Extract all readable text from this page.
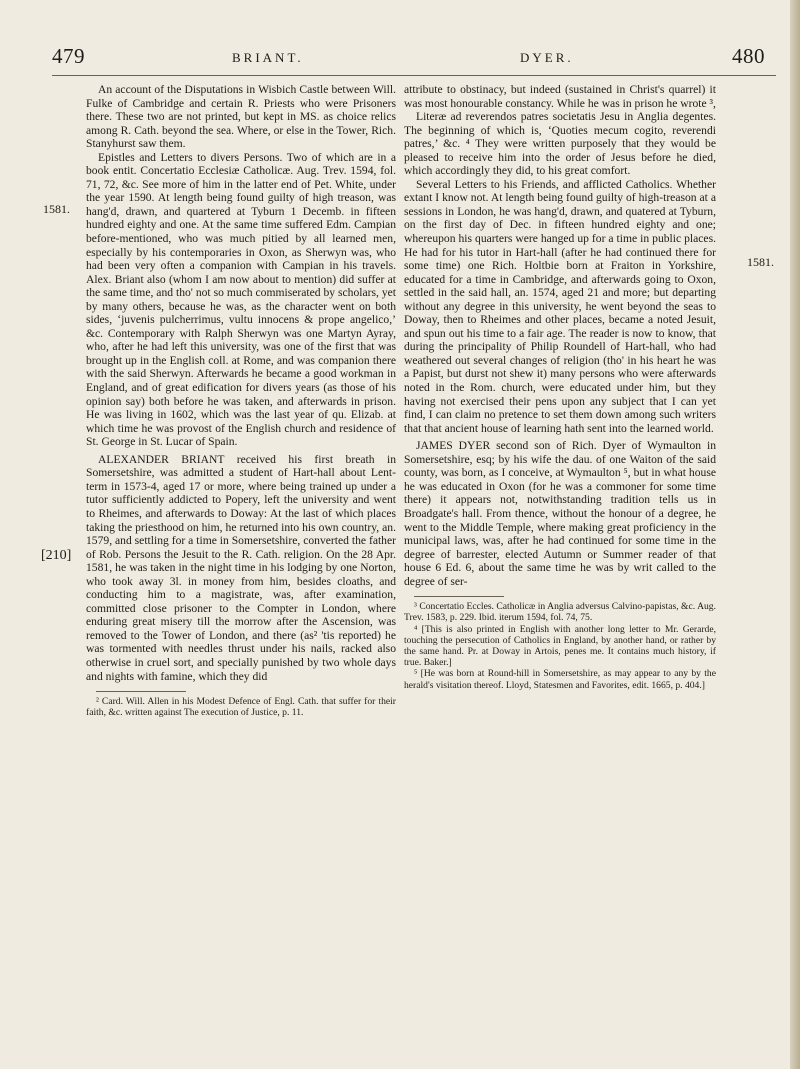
479	BRIANT.	DYER.	480
1581.
1581.
[210]

An account of the Disputations in Wisbich Castle between Will. Fulke of Cambridge and certain R. Priests who were Prisoners there. These two are not printed, but kept in MS. as choice relics among R. Cath. beyond the sea. Where, or else in the Tower, Rich. Stanyhurst saw them.

Epistles and Letters to divers Persons. Two of which are in a book entit. Concertatio Ecclesiæ Catholicæ. Aug. Trev. 1594, fol. 71, 72, &c. See more of him in the latter end of Pet. White, under the year 1590. At length being found guilty of high treason, was hang'd, drawn, and quartered at Tyburn 1 Decemb. in fifteen hundred eighty and one. At the same time suffered Edm. Campian before-mentioned, who was much pitied by all learned men, especially by his contemporaries in Oxon, as Sherwyn was, who had been very often a companion with Campian in his travels. Alex. Briant also (whom I am now about to mention) did suffer at the same time, and tho' not so much commiserated by scholars, yet by many others, because he was, as the character went on both sides, ‘juvenis pulcherrimus, vultu innocens & prope angelico,’ &c. Contemporary with Ralph Sherwyn was one Martyn Ayray, who, after he had left this university, was one of the first that was brought up in the English coll. at Rome, and was companion there with the said Sherwyn. Afterwards he became a good workman in England, and of great edification for divers years (as those of his opinion say) both before he was taken, and afterwards in prison. He was living in 1602, which was the last year of qu. Elizab. at which time he was provost of the English church and residence of St. George in St. Lucar of Spain.

ALEXANDER BRIANT received his first breath in Somersetshire, was admitted a student of Hart-hall about Lent-term in 1573-4, aged 17 or more, where being trained up under a tutor sufficiently addicted to Popery, left the university and went to Rheimes, and afterwards to Doway: At the last of which places taking the priesthood on him, he returned into his own country, an. 1579, and settling for a time in Somersetshire, converted the father of Rob. Persons the Jesuit to the R. Cath. religion. On the 28 Apr. 1581, he was taken in the night time in his lodging by one Norton, who took away 3l. in money from him, besides cloaths, and conducting him to a magistrate, was, after examination, committed close prisoner to the Compter in London, where enduring great misery till the morrow after the Ascension, was removed to the Tower of London, and there (as² 'tis reported) he was tormented with needles thrust under his nails, racked also otherwise in cruel sort, and specially punished by two whole days and nights with famine, which they did

² Card. Will. Allen in his Modest Defence of Engl. Cath. that suffer for their faith, &c. written against The execution of Justice, p. 11.

attribute to obstinacy, but indeed (sustained in Christ's quarrel) it was most honourable constancy. While he was in prison he wrote ³,

Literæ ad reverendos patres societatis Jesu in Anglia degentes. The beginning of which is, ‘Quoties mecum cogito, reverendi patres,’ &c. ⁴ They were written purposely that they would be pleased to receive him into the order of Jesus before he died, which accordingly they did, to his great comfort.

Several Letters to his Friends, and afflicted Catholics. Whether extant I know not. At length being found guilty of high-treason at a sessions in London, he was hang'd, drawn, and quatered at Tyburn, on the first day of Dec. in fifteen hundred eighty and one; whereupon his quarters were hanged up for a time in public places. He had for his tutor in Hart-hall (after he had continued there for some time) one Rich. Holtbie born at Fraiton in Yorkshire, educated for a time in Cambridge, and afterwards going to Oxon, settled in the said hall, an. 1574, aged 21 and more; but departing without any degree in this university, he went beyond the seas to Doway, then to Rheimes and other places, became a noted Jesuit, and spun out his time to a fair age. The reader is now to know, that during the principality of Philip Roundell of Hart-hall, who had weathered out several changes of religion (tho' in his heart he was a Papist, but durst not shew it) many persons who were afterwards noted in the Rom. church, were educated under him, but they having not exercised their pens upon any subject that I can yet find, I can claim no pretence to set them down among such writers that that ancient house of learning hath sent into the learned world.

JAMES DYER second son of Rich. Dyer of Wymaulton in Somersetshire, esq; by his wife the dau. of one Waiton of the said county, was born, as I conceive, at Wymaulton ⁵, but in what house he was educated in Oxon (for he was a commoner for some time there) it appears not, notwithstanding tradition tells us in Broadgate's hall. From thence, without the honour of a degree, he went to the Middle Temple, where making great proficiency in the municipal laws, was, after he had continued for some time in the degree of barrester, elected Autumn or Summer reader of that house 6 Ed. 6, about the same time he was by writ called to the degree of ser-

³ Concertatio Eccles. Catholicæ in Anglia adversus Calvino-papistas, &c. Aug. Trev. 1583, p. 229. Ibid. iterum 1594, fol. 74, 75.

⁴ [This is also printed in English with another long letter to Mr. Gerarde, touching the persecution of Catholics in England, by another hand, or rather by the same hand. Pr. at Doway in Artois, penes me. It contains much history, if true. Baker.]

⁵ [He was born at Round-hill in Somersetshire, as may appear to any by the herald's visitation thereof. Lloyd, Statesmen and Favorites, edit. 1665, p. 404.]
